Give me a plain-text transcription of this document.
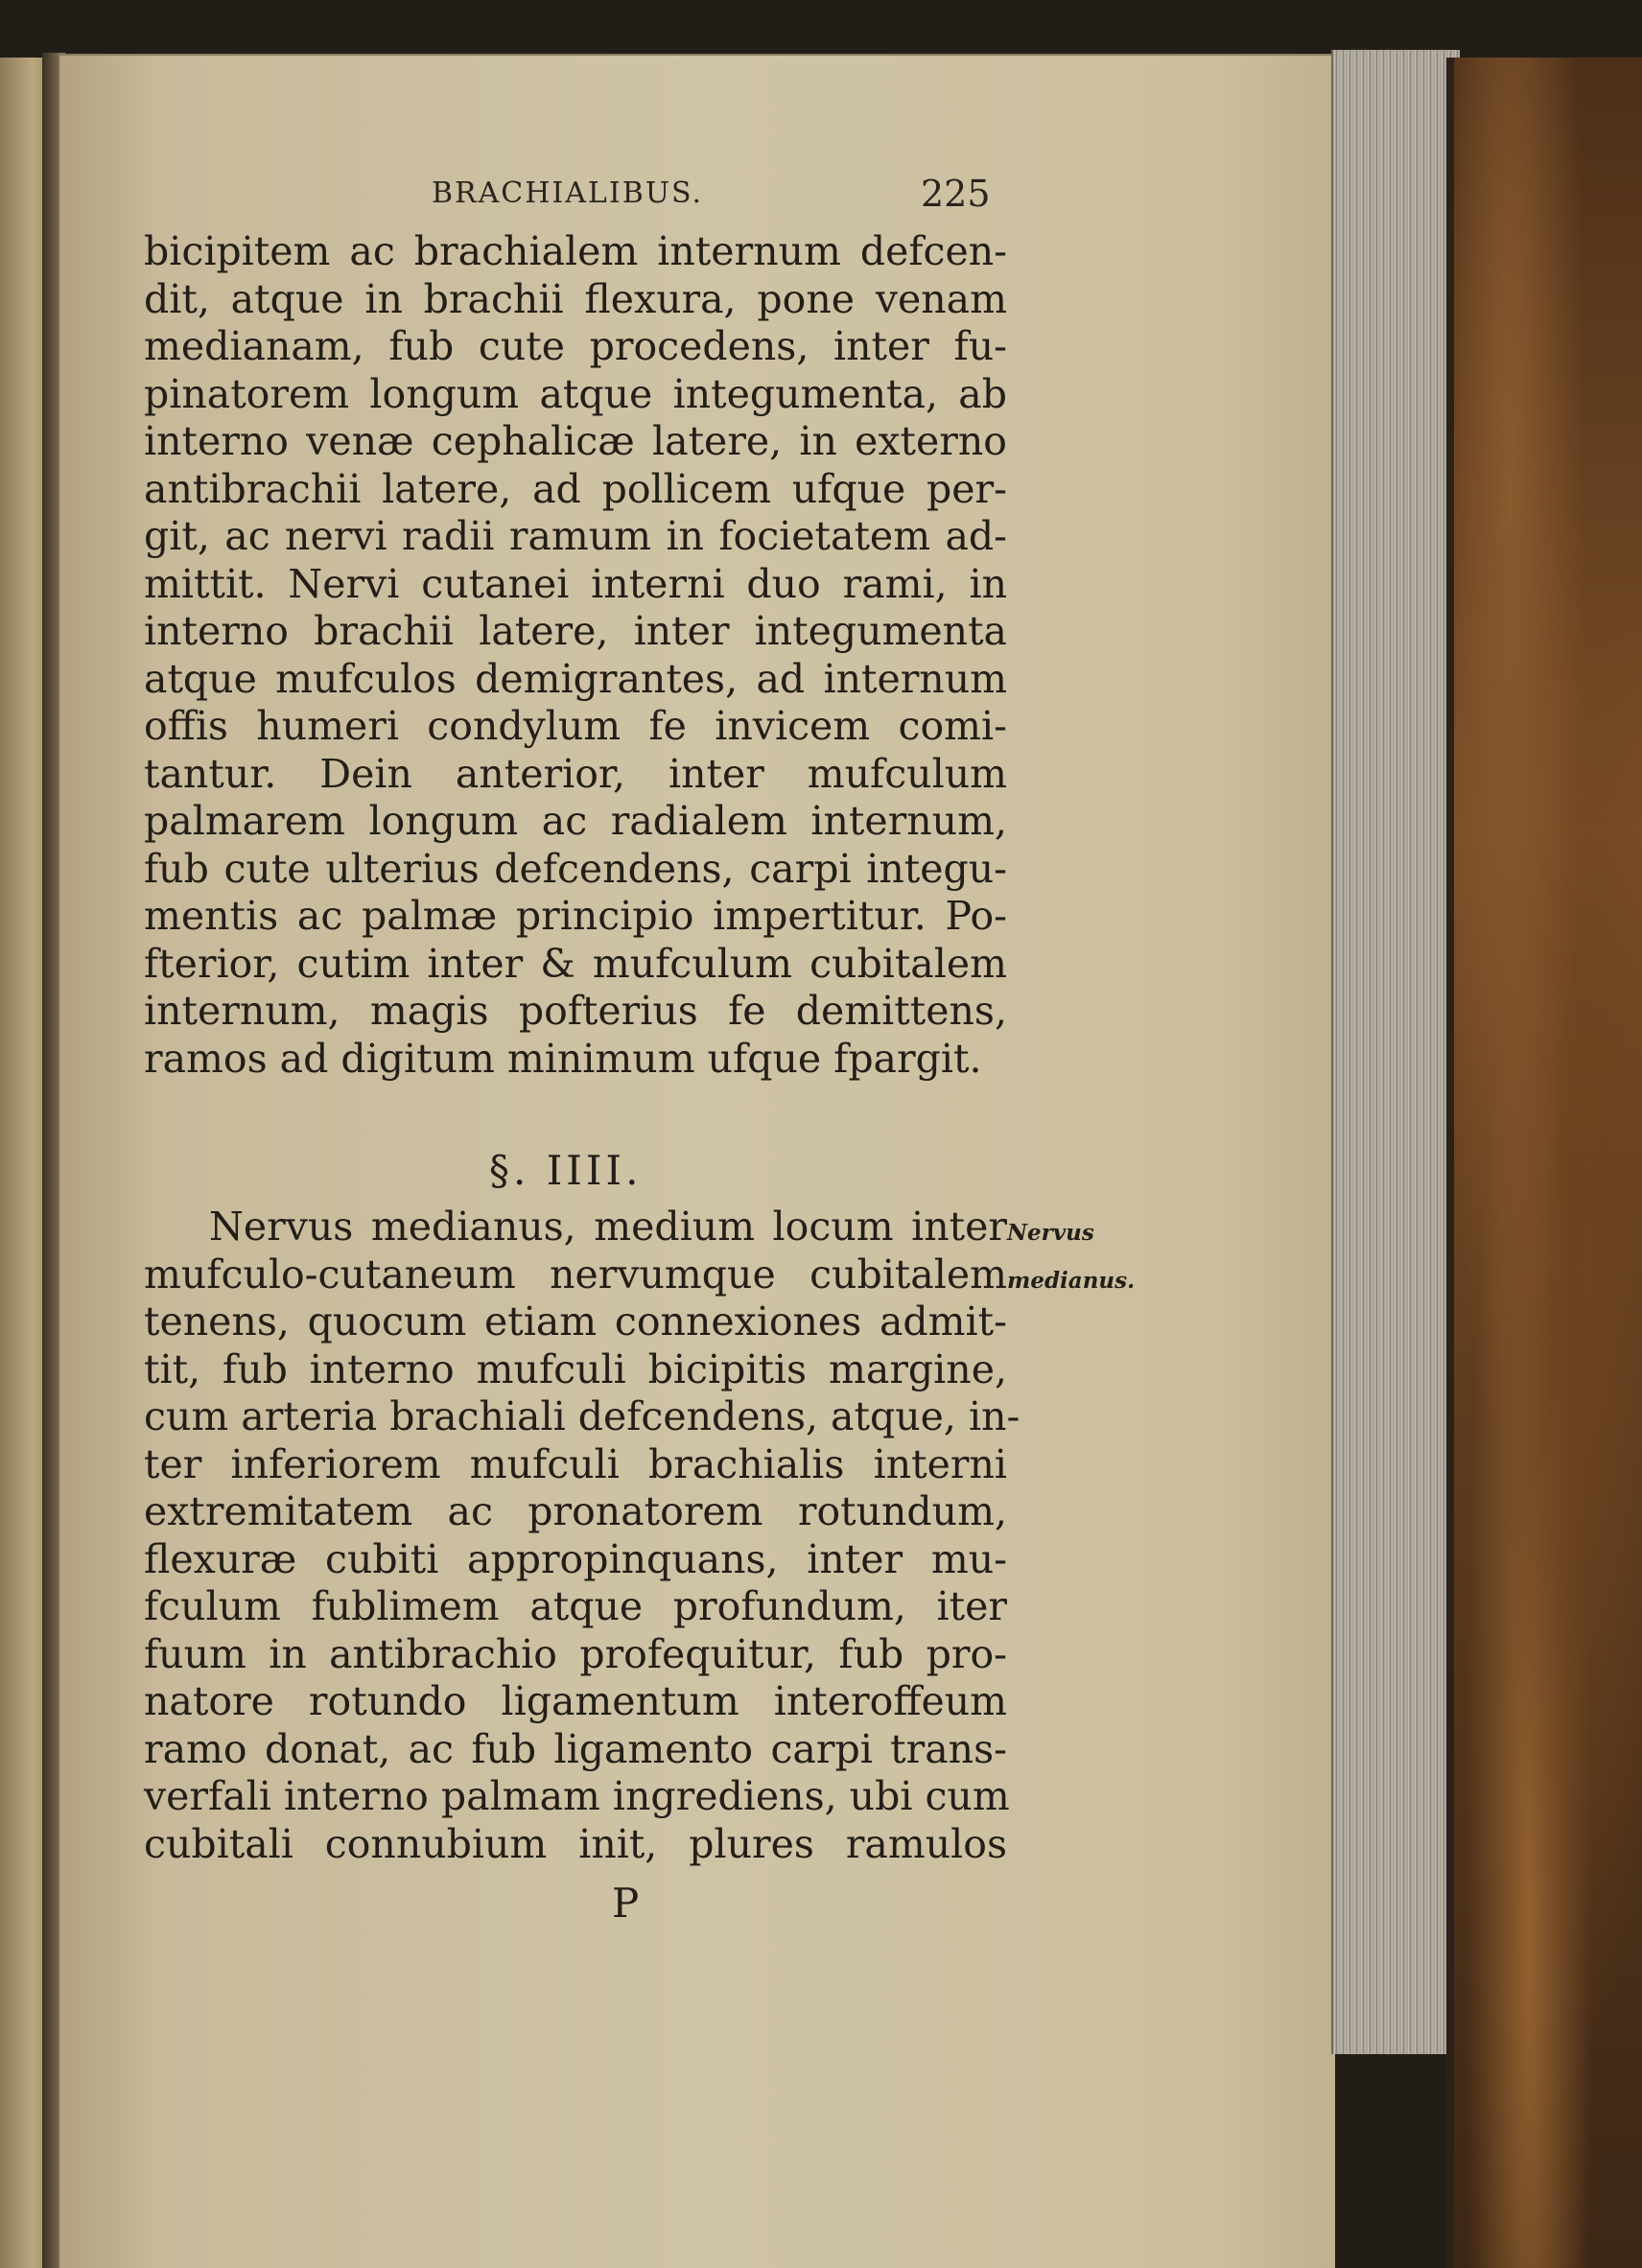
BRACHIALIBUS.	225
bicipitem ac brachialem internum defcen-
dit, atque in brachii flexura, pone venam
medianam, fub cute procedens, inter fu-
pinatorem longum atque integumenta, ab
interno venæ cephalicæ latere, in externo
antibrachii latere, ad pollicem ufque per-
git, ac nervi radii ramum in focietatem ad-
mittit. Nervi cutanei interni duo rami, in
interno brachii latere, inter integumenta
atque mufculos demigrantes, ad internum
offis humeri condylum fe invicem comi-
tantur. Dein anterior, inter mufculum
palmarem longum ac radialem internum,
fub cute ulterius defcendens, carpi integu-
mentis ac palmæ principio impertitur. Po-
fterior, cutim inter & mufculum cubitalem
internum, magis pofterius fe demittens,
ramos ad digitum minimum ufque fpargit.
§. IIII.
Nervus medianus, medium locum inter
mufculo-cutaneum nervumque cubitalem
tenens, quocum etiam connexiones admit-
tit, fub interno mufculi bicipitis margine,
cum arteria brachiali defcendens, atque, in-
ter inferiorem mufculi brachialis interni
extremitatem ac pronatorem rotundum,
flexuræ cubiti appropinquans, inter mu-
fculum fublimem atque profundum, iter
fuum in antibrachio profequitur, fub pro-
natore rotundo ligamentum interoffeum
ramo donat, ac fub ligamento carpi trans-
verfali interno palmam ingrediens, ubi cum
cubitali connubium init, plures ramulos
Nervus
medianus.
P
